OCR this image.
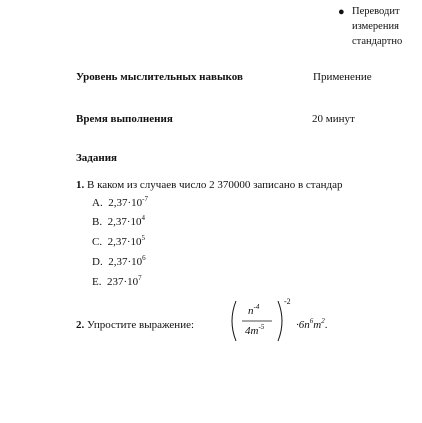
● Переводит
измерения
стандартно
Уровень мыслительных навыков	Применение
Время выполнения	20 минут
Задания
1. В каком из случаев число 2 370000 записано в стандар
A. $2,37\cdot 10^{-7}$
B. $2,37\cdot 10^4$
C. $2,37\cdot 10^5$
D. $2,37\cdot 10^6$
E. $237\cdot 10^7$
2. Упростите выражение:
$n^{-4}$
$4m^{-5}$
-2
$\cdot 6n^6m^2$.
